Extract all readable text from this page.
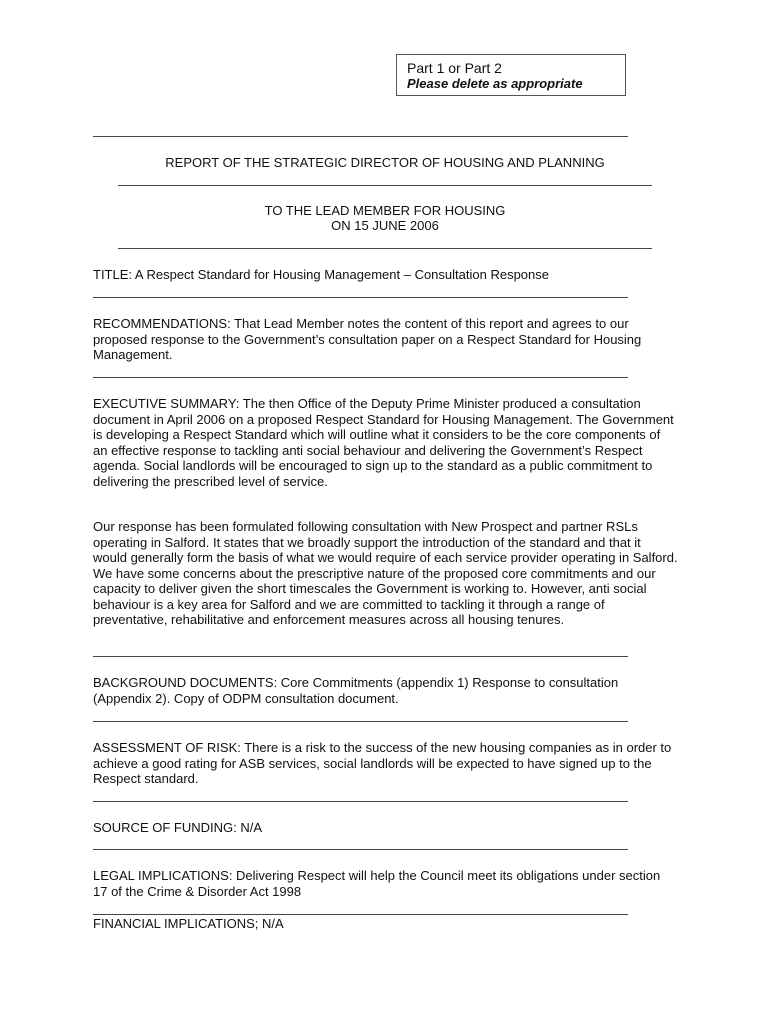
Part 1 or Part 2
Please delete as appropriate
REPORT OF THE STRATEGIC DIRECTOR OF HOUSING AND PLANNING
TO THE LEAD MEMBER FOR HOUSING
ON 15 JUNE 2006
TITLE: A Respect Standard for Housing Management – Consultation Response
RECOMMENDATIONS: That Lead Member notes the content of this report and agrees to our proposed response to the Government’s consultation paper on a Respect Standard for Housing Management.
EXECUTIVE SUMMARY: The then Office of the Deputy Prime Minister produced a consultation document in April 2006 on a proposed Respect Standard for Housing Management. The Government is developing a Respect Standard which will outline what it considers to be the core components of an effective response to tackling anti social behaviour and delivering the Government’s Respect agenda. Social landlords will be encouraged to sign up to the standard as a public commitment to delivering the prescribed level of service.
Our response has been formulated following consultation with New Prospect and partner RSLs operating in Salford. It states that we broadly support the introduction of the standard and that it would generally form the basis of what we would require of each service provider operating in Salford. We have some concerns about the prescriptive nature of the proposed core commitments and our capacity to deliver given the short timescales the Government is working to. However, anti social behaviour is a key area for Salford and we are committed to tackling it through a range of preventative, rehabilitative and enforcement measures across all housing tenures.
BACKGROUND DOCUMENTS: Core Commitments (appendix 1) Response to consultation (Appendix 2). Copy of ODPM consultation document.
ASSESSMENT OF RISK: There is a risk to the success of the new housing companies as in order to achieve a good rating for ASB services, social landlords will be expected to have signed up to the Respect standard.
SOURCE OF FUNDING: N/A
LEGAL IMPLICATIONS: Delivering Respect will help the Council meet its obligations under section 17 of the Crime & Disorder Act 1998
FINANCIAL IMPLICATIONS; N/A
